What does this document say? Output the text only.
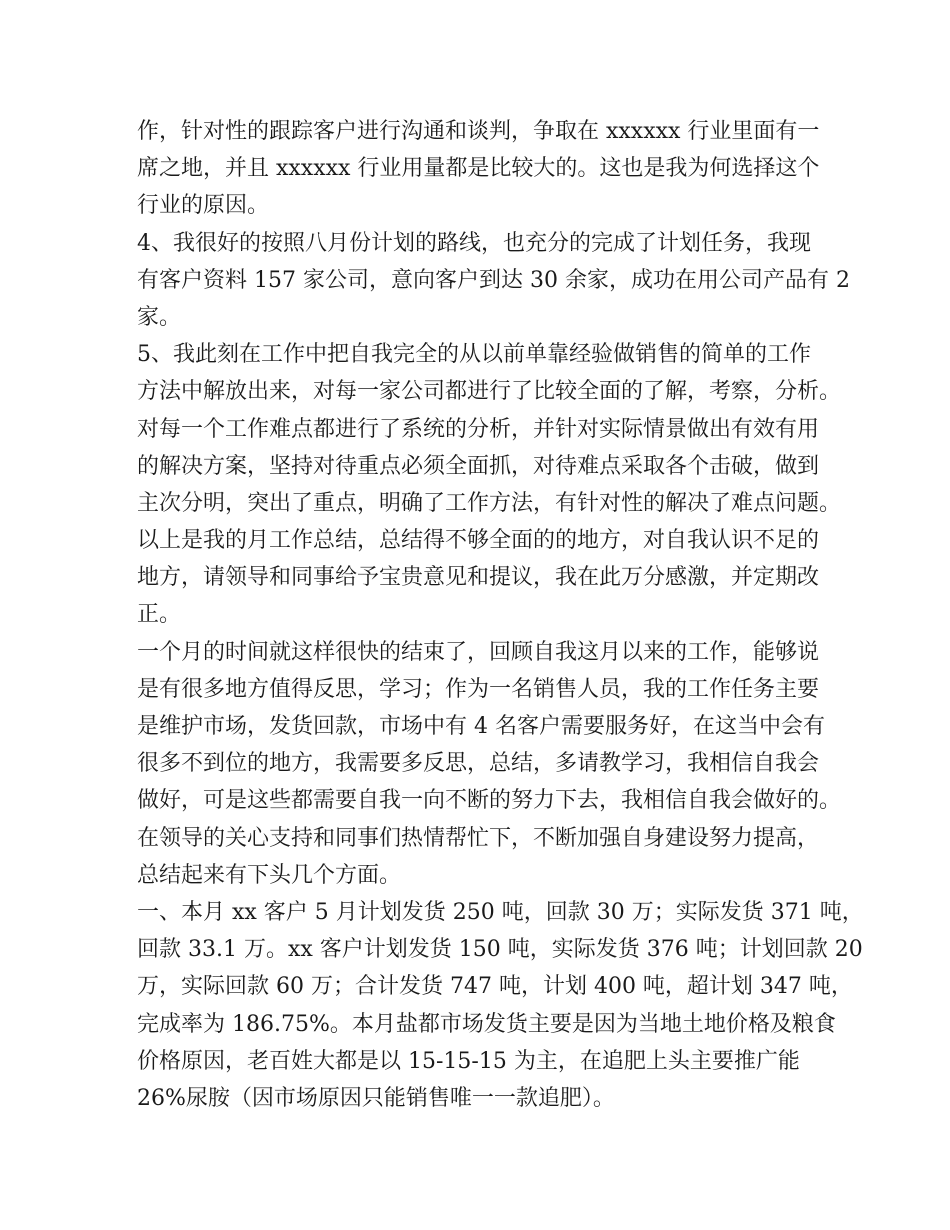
作，针对性的跟踪客户进行沟通和谈判，争取在 xxxxxx 行业里面有一
席之地，并且 xxxxxx 行业用量都是比较大的。这也是我为何选择这个
行业的原因。
4、我很好的按照八月份计划的路线，也充分的完成了计划任务，我现
有客户资料 157 家公司，意向客户到达 30 余家，成功在用公司产品有 2
家。
5、我此刻在工作中把自我完全的从以前单靠经验做销售的简单的工作
方法中解放出来，对每一家公司都进行了比较全面的了解，考察，分析。
对每一个工作难点都进行了系统的分析，并针对实际情景做出有效有用
的解决方案，坚持对待重点必须全面抓，对待难点采取各个击破，做到
主次分明，突出了重点，明确了工作方法，有针对性的解决了难点问题。
以上是我的月工作总结，总结得不够全面的的地方，对自我认识不足的
地方，请领导和同事给予宝贵意见和提议，我在此万分感激，并定期改
正。
一个月的时间就这样很快的结束了，回顾自我这月以来的工作，能够说
是有很多地方值得反思，学习；作为一名销售人员，我的工作任务主要
是维护市场，发货回款，市场中有 4 名客户需要服务好，在这当中会有
很多不到位的地方，我需要多反思，总结，多请教学习，我相信自我会
做好，可是这些都需要自我一向不断的努力下去，我相信自我会做好的。
在领导的关心支持和同事们热情帮忙下，不断加强自身建设努力提高，
总结起来有下头几个方面。
一、本月 xx 客户 5 月计划发货 250 吨，回款 30 万；实际发货 371 吨，
回款 33.1 万。xx 客户计划发货 150 吨，实际发货 376 吨；计划回款 20
万，实际回款 60 万；合计发货 747 吨，计划 400 吨，超计划 347 吨，
完成率为 186.75%。本月盐都市场发货主要是因为当地土地价格及粮食
价格原因，老百姓大都是以 15-15-15 为主，在追肥上头主要推广能
26%尿胺（因市场原因只能销售唯一一款追肥）。
